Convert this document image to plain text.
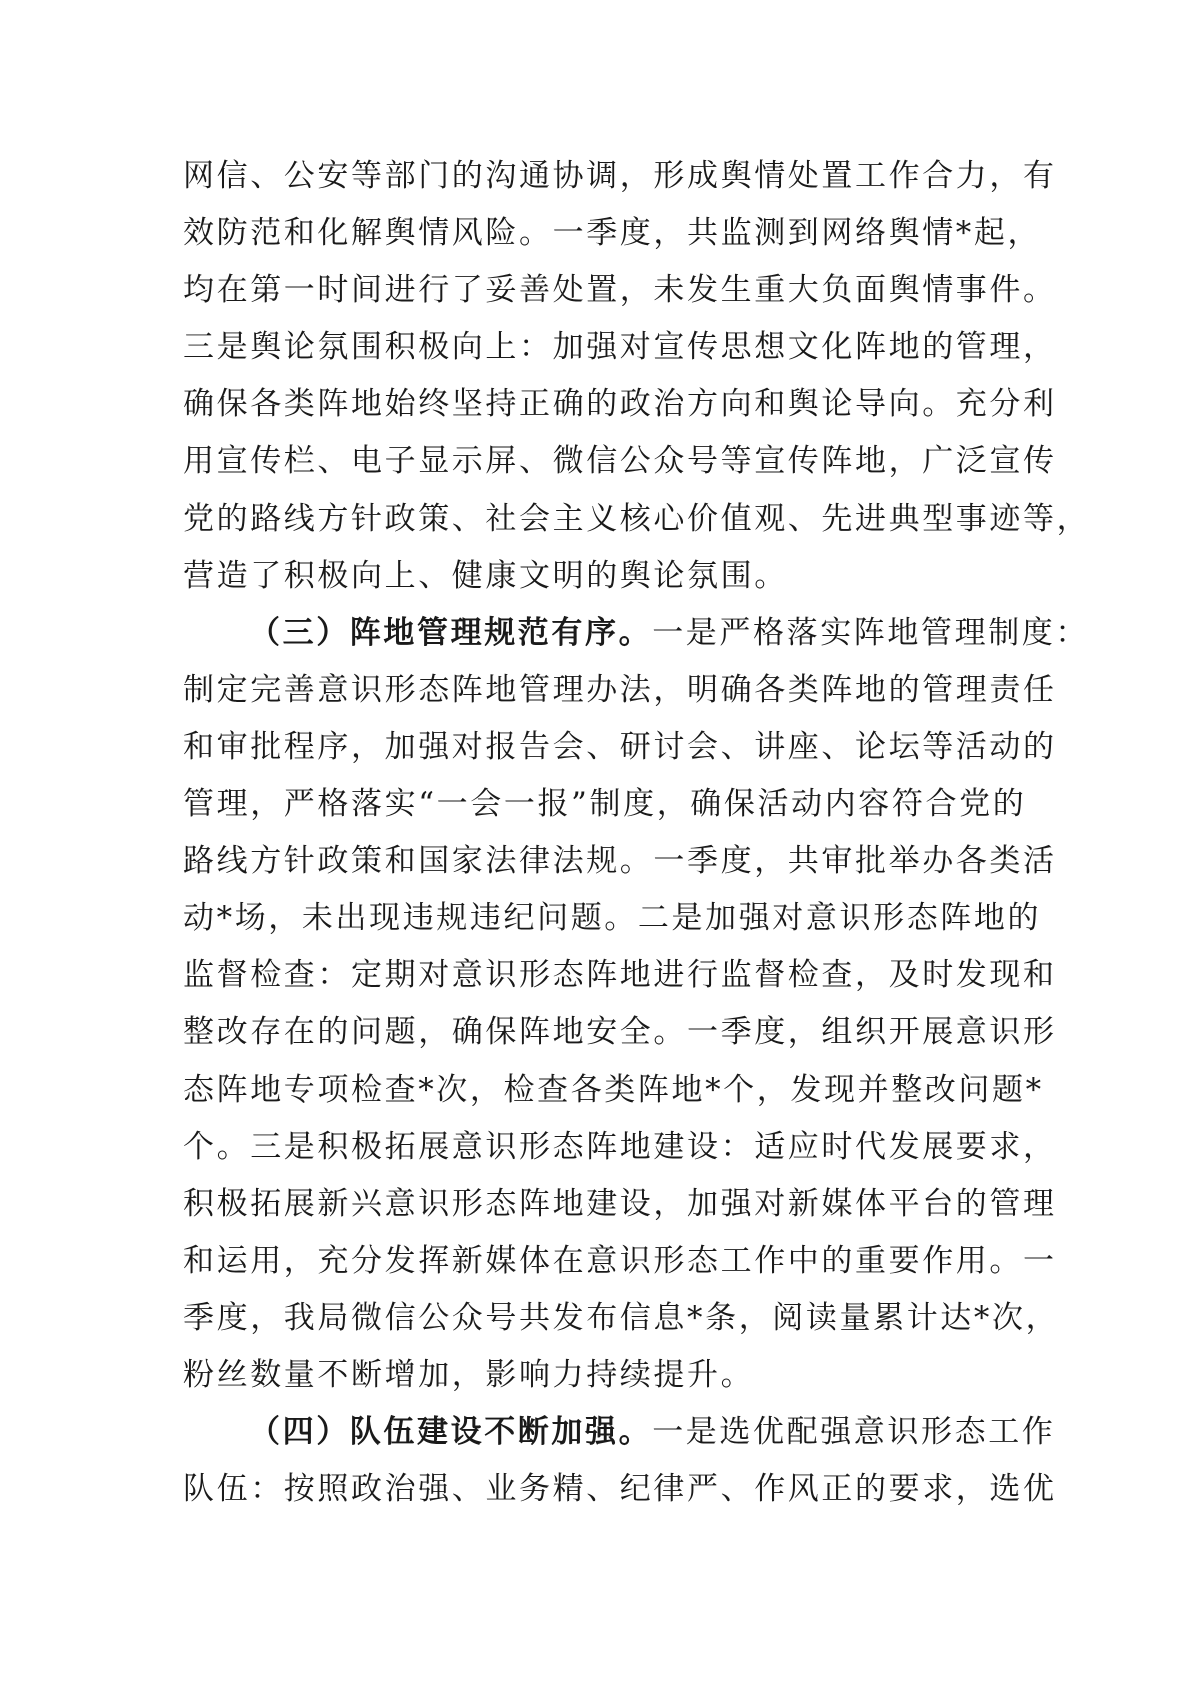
网信、公安等部门的沟通协调，形成舆情处置工作合力，有
效防范和化解舆情风险。一季度，共监测到网络舆情*起，
均在第一时间进行了妥善处置，未发生重大负面舆情事件。
三是舆论氛围积极向上：加强对宣传思想文化阵地的管理，
确保各类阵地始终坚持正确的政治方向和舆论导向。充分利
用宣传栏、电子显示屏、微信公众号等宣传阵地，广泛宣传
党的路线方针政策、社会主义核心价值观、先进典型事迹等，
营造了积极向上、健康文明的舆论氛围。
（三）阵地管理规范有序。一是严格落实阵地管理制度：
制定完善意识形态阵地管理办法，明确各类阵地的管理责任
和审批程序，加强对报告会、研讨会、讲座、论坛等活动的
管理，严格落实“一会一报”制度，确保活动内容符合党的
路线方针政策和国家法律法规。一季度，共审批举办各类活
动*场，未出现违规违纪问题。二是加强对意识形态阵地的
监督检查：定期对意识形态阵地进行监督检查，及时发现和
整改存在的问题，确保阵地安全。一季度，组织开展意识形
态阵地专项检查*次，检查各类阵地*个，发现并整改问题*
个。三是积极拓展意识形态阵地建设：适应时代发展要求，
积极拓展新兴意识形态阵地建设，加强对新媒体平台的管理
和运用，充分发挥新媒体在意识形态工作中的重要作用。一
季度，我局微信公众号共发布信息*条，阅读量累计达*次，
粉丝数量不断增加，影响力持续提升。
（四）队伍建设不断加强。一是选优配强意识形态工作
队伍：按照政治强、业务精、纪律严、作风正的要求，选优
